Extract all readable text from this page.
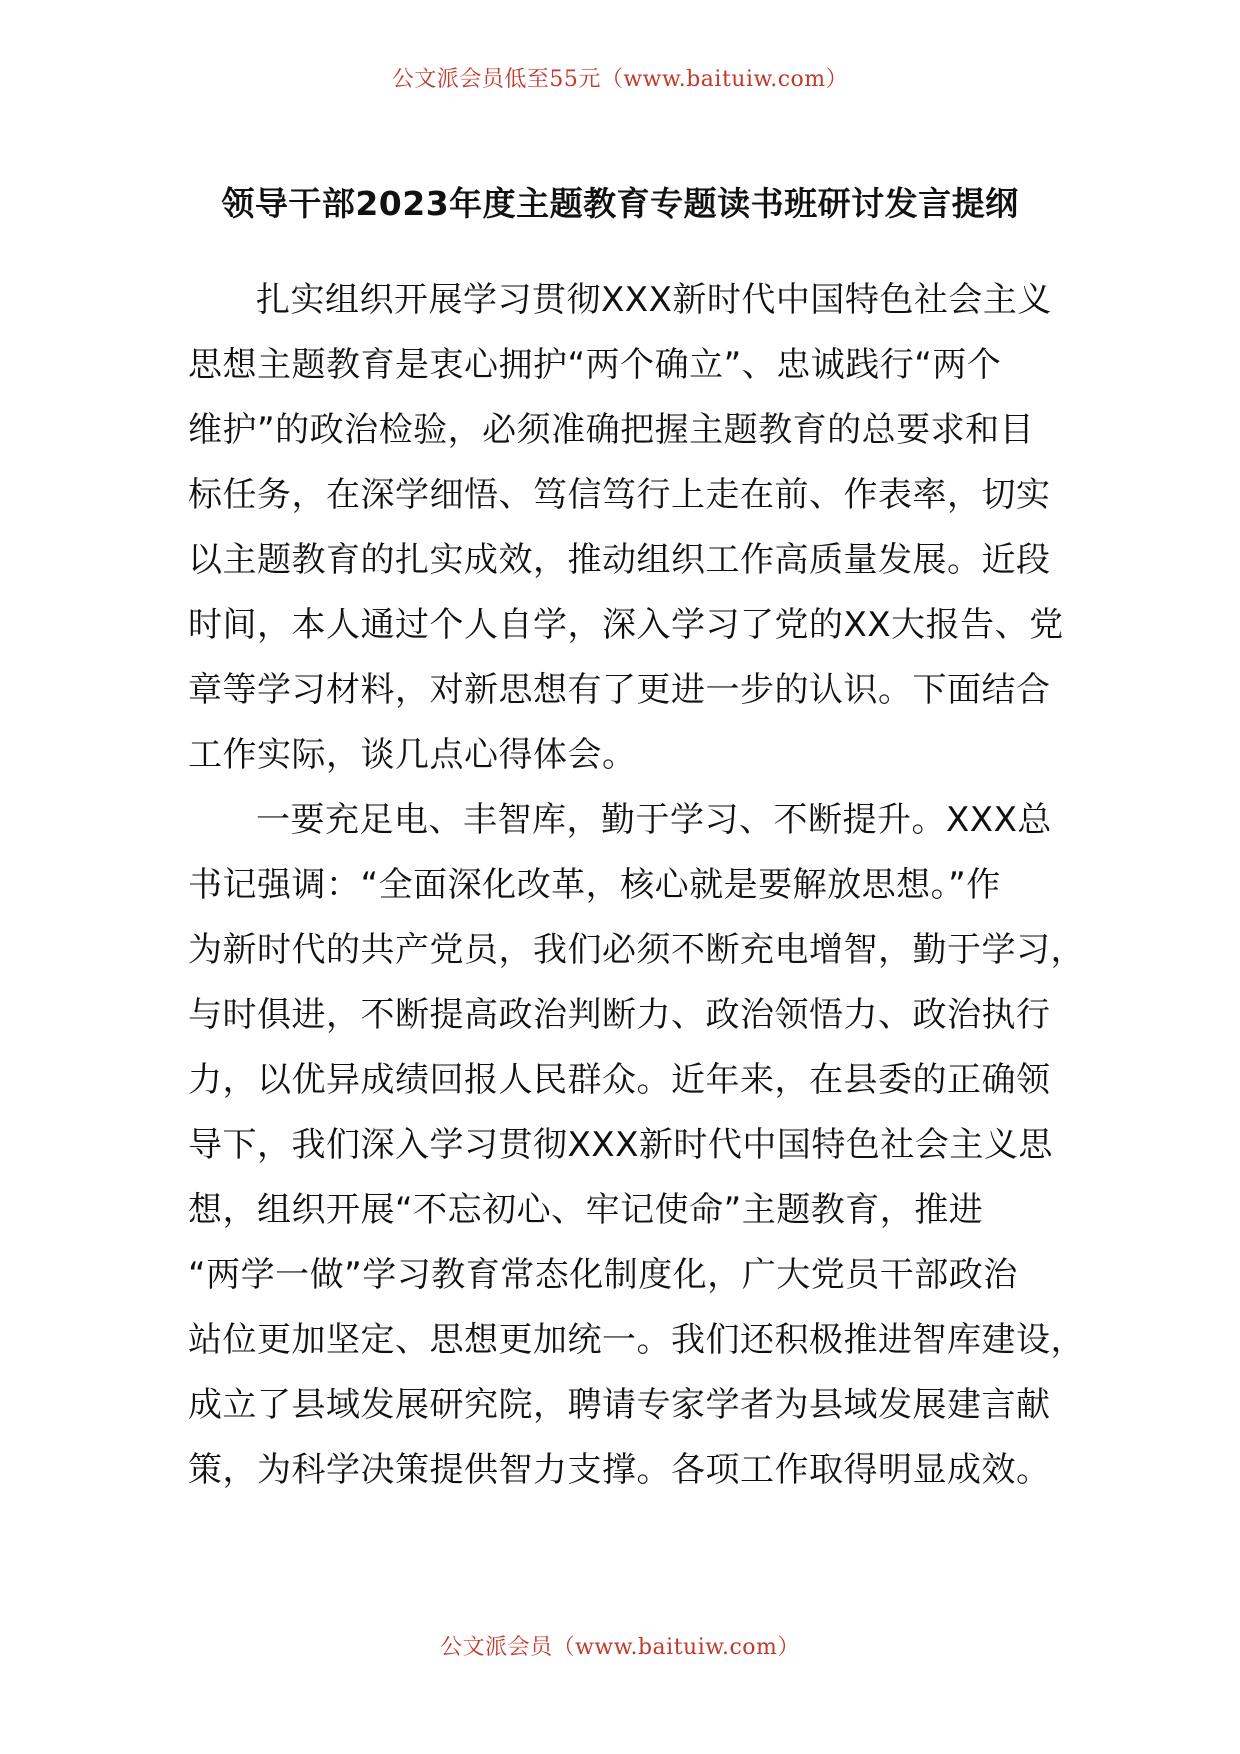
公文派会员低至55元（www.baituiw.com）
领导干部2023年度主题教育专题读书班研讨发言提纲

扎实组织开展学习贯彻XXX新时代中国特色社会主义
思想主题教育是衷心拥护“两个确立”、忠诚践行“两个
维护”的政治检验，必须准确把握主题教育的总要求和目
标任务，在深学细悟、笃信笃行上走在前、作表率，切实
以主题教育的扎实成效，推动组织工作高质量发展。近段
时间，本人通过个人自学，深入学习了党的XX大报告、党
章等学习材料，对新思想有了更进一步的认识。下面结合
工作实际，谈几点心得体会。

一要充足电、丰智库，勤于学习、不断提升。XXX总
书记强调：“全面深化改革，核心就是要解放思想。”作
为新时代的共产党员，我们必须不断充电增智，勤于学习，
与时俱进，不断提高政治判断力、政治领悟力、政治执行
力，以优异成绩回报人民群众。近年来，在县委的正确领
导下，我们深入学习贯彻XXX新时代中国特色社会主义思
想，组织开展“不忘初心、牢记使命”主题教育，推进
“两学一做”学习教育常态化制度化，广大党员干部政治
站位更加坚定、思想更加统一。我们还积极推进智库建设，
成立了县域发展研究院，聘请专家学者为县域发展建言献
策，为科学决策提供智力支撑。各项工作取得明显成效。

公文派会员（www.baituiw.com）
